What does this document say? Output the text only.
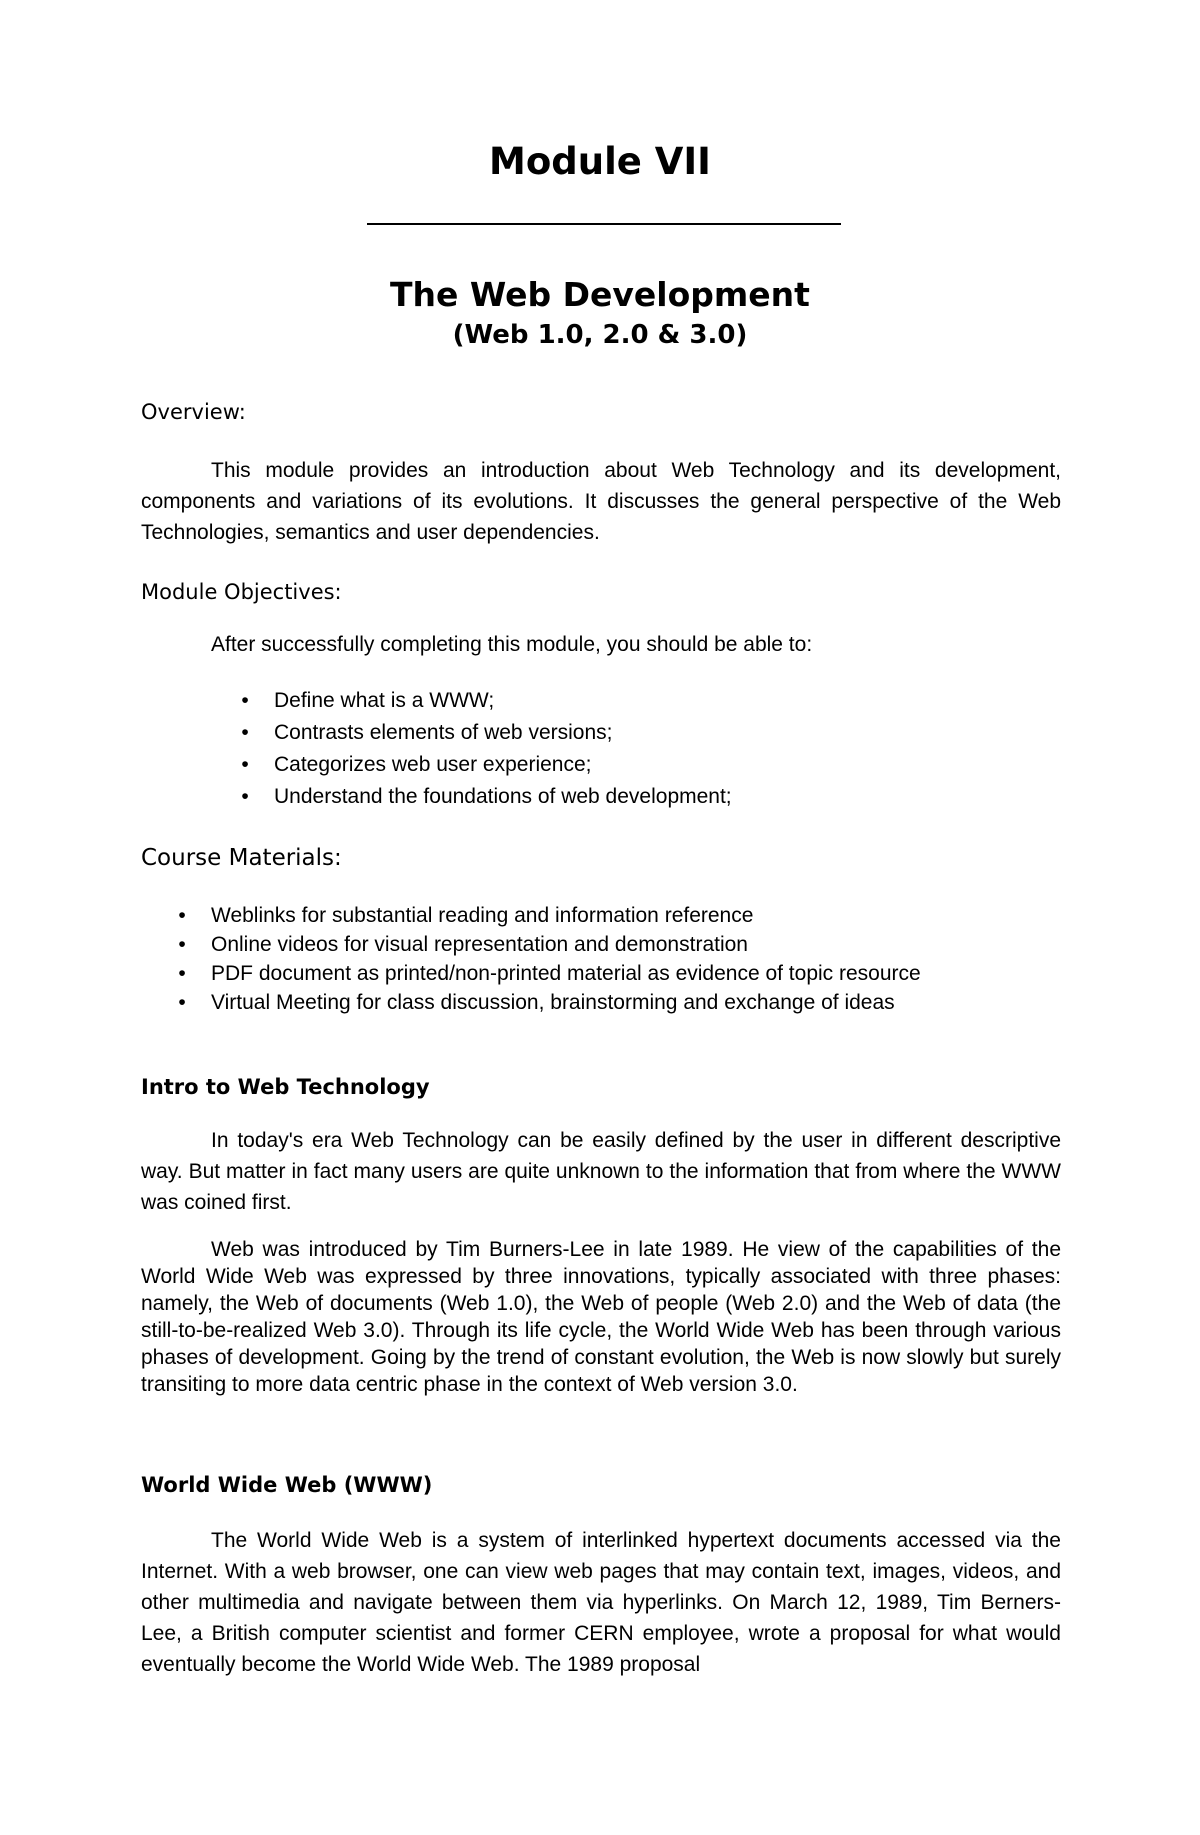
Module VII
The Web Development
(Web 1.0, 2.0 & 3.0)

Overview:

This module provides an introduction about Web Technology and its development, components and variations of its evolutions. It discusses the general perspective of the Web Technologies, semantics and user dependencies.

Module Objectives:

After successfully completing this module, you should be able to:

•	Define what is a WWW;
•	Contrasts elements of web versions;
•	Categorizes web user experience;
•	Understand the foundations of web development;

Course Materials:

•	Weblinks for substantial reading and information reference
•	Online videos for visual representation and demonstration
•	PDF document as printed/non-printed material as evidence of topic resource
•	Virtual Meeting for class discussion, brainstorming and exchange of ideas
Intro to Web Technology

In today's era Web Technology can be easily defined by the user in different descriptive way. But matter in fact many users are quite unknown to the information that from where the WWW was coined first.

Web was introduced by Tim Burners-Lee in late 1989. He view of the capabilities of the World Wide Web was expressed by three innovations, typically associated with three phases: namely, the Web of documents (Web 1.0), the Web of people (Web 2.0) and the Web of data (the still-to-be-realized Web 3.0). Through its life cycle, the World Wide Web has been through various phases of development. Going by the trend of constant evolution, the Web is now slowly but surely transiting to more data centric phase in the context of Web version 3.0.

World Wide Web (WWW)

The World Wide Web is a system of interlinked hypertext documents accessed via the Internet. With a web browser, one can view web pages that may contain text, images, videos, and other multimedia and navigate between them via hyperlinks. On March 12, 1989, Tim Berners- Lee, a British computer scientist and former CERN employee, wrote a proposal for what would eventually become the World Wide Web. The 1989 proposal
